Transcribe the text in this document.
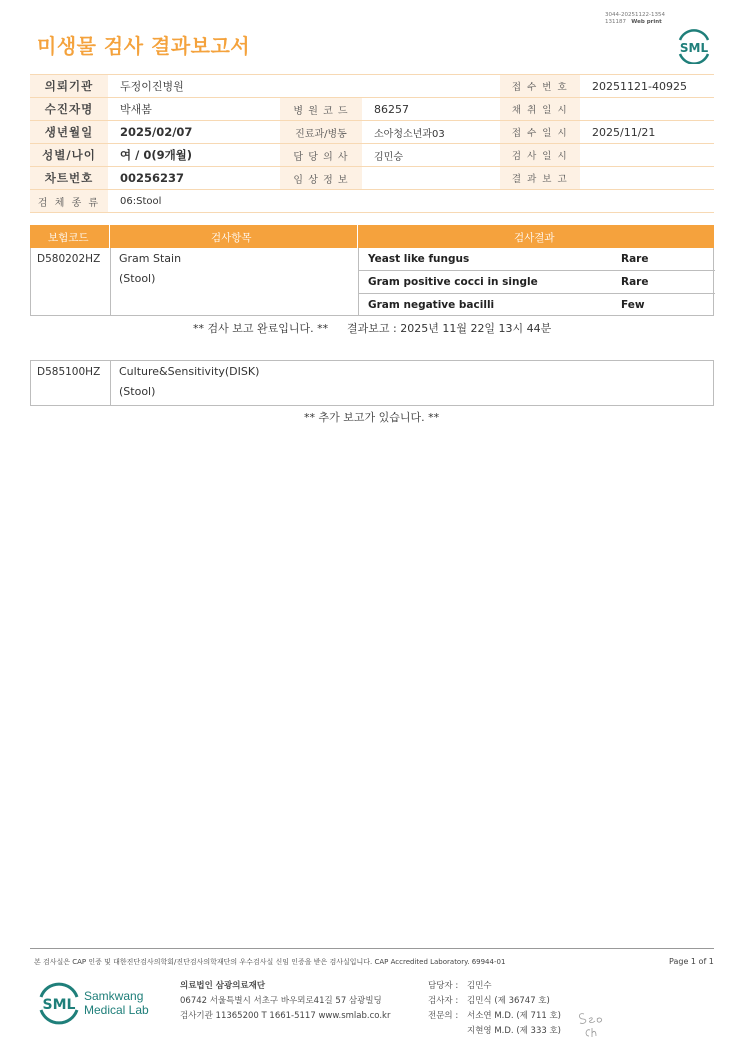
3044-20251122-1354
131187 Web print
미생물 검사 결과보고서	SML
의뢰기관	두정이진병원			접 수 번 호	20251121-40925
수진자명	박새봄	병 원 코 드	86257	채 취 일 시	
생년월일	2025/02/07	진료과/병동	소아청소년과03	접 수 일 시	2025/11/21
성별/나이	여 / 0(9개월)	담 당 의 사	김민승	검 사 일 시	
차트번호	00256237	임 상 정 보		결 과 보 고	
검 체 종 류	06:Stool				
보험코드	검사항목	검사결과
D580202HZ Gram Stain
(Stool)
Yeast like fungus	Rare
Gram positive cocci in single	Rare
Gram negative bacilli	Few
** 검사 보고 완료입니다. ** 결과보고 : 2025년 11월 22일 13시 44분
D585100HZ Culture&Sensitivity(DISK)
(Stool)
** 추가 보고가 있습니다. **
본 검사실은 CAP 인증 및 대한진단검사의학회/진단검사의학재단의 우수검사실 신임 인증을 받은 검사실입니다. CAP Accredited Laboratory. 69944-01	Page 1 of 1
SML
Samkwang
Medical Lab
의료법인 삼광의료재단
06742 서울특별시 서초구 바우뫼로41길 57 삼광빌딩
검사기관 11365200 T 1661-5117 www.smlab.co.kr
담당자 : 김민수
검사자 : 김민식 (제 36747 호)
전문의 : 서소연 M.D. (제 711 호)
지현영 M.D. (제 333 호)
